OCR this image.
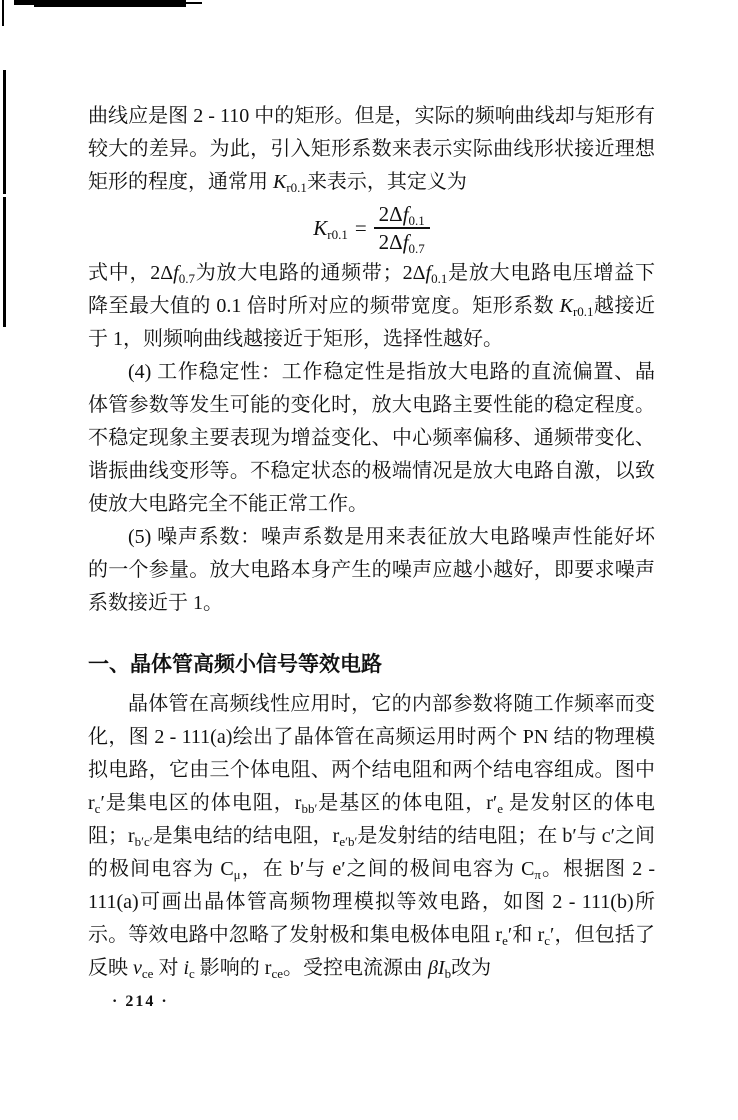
曲线应是图 2 - 110 中的矩形。但是，实际的频响曲线却与矩形有较大的差异。为此，引入矩形系数来表示实际曲线形状接近理想矩形的程度，通常用 $K_{r0.1}$来表示，其定义为

$K_{r0.1} = \frac{2\Delta f_{0.1}}{2\Delta f_{0.7}}$

式中，$2\Delta f_{0.7}$为放大电路的通频带；$2\Delta f_{0.1}$是放大电路电压增益下降至最大值的 0.1 倍时所对应的频带宽度。矩形系数 $K_{r0.1}$越接近于 1，则频响曲线越接近于矩形，选择性越好。

(4) 工作稳定性：工作稳定性是指放大电路的直流偏置、晶体管参数等发生可能的变化时，放大电路主要性能的稳定程度。不稳定现象主要表现为增益变化、中心频率偏移、通频带变化、谐振曲线变形等。不稳定状态的极端情况是放大电路自激，以致使放大电路完全不能正常工作。

(5) 噪声系数：噪声系数是用来表征放大电路噪声性能好坏的一个参量。放大电路本身产生的噪声应越小越好，即要求噪声系数接近于 1。

一、晶体管高频小信号等效电路

晶体管在高频线性应用时，它的内部参数将随工作频率而变化，图 2 - 111(a)绘出了晶体管在高频运用时两个 PN 结的物理模拟电路，它由三个体电阻、两个结电阻和两个结电容组成。图中 $r_c'$是集电区的体电阻，$r_{bb'}$是基区的体电阻，$r'_e$ 是发射区的体电阻；$r_{b'c'}$是集电结的结电阻，$r_{e'b'}$是发射结的结电阻；在 b′与 c′之间的极间电容为 $C_\mu$，在 b′与 e′之间的极间电容为 $C_\pi$。根据图 2 - 111(a)可画出晶体管高频物理模拟等效电路，如图 2 - 111(b)所示。等效电路中忽略了发射极和集电极体电阻 $r_e'$和 $r_c'$，但包括了反映 $v_{ce}$ 对 $i_c$ 影响的 $r_{ce}$。受控电流源由 $\beta I_b$改为

· 214 ·
